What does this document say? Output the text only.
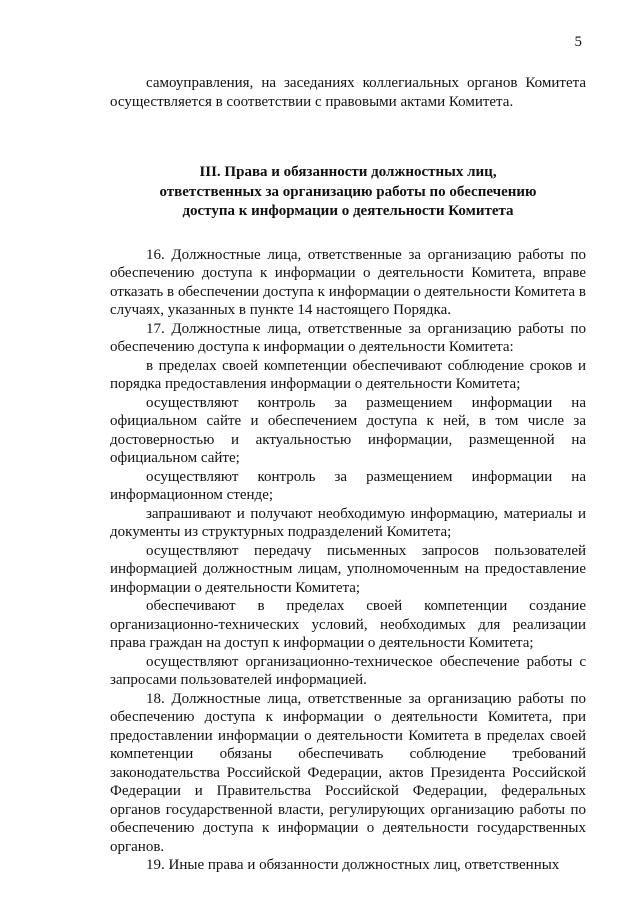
5

самоуправления, на заседаниях коллегиальных органов Комитета осуществляется в соответствии с правовыми актами Комитета.

III. Права и обязанности должностных лиц,
ответственных за организацию работы по обеспечению
доступа к информации о деятельности Комитета

16. Должностные лица, ответственные за организацию работы по обеспечению доступа к информации о деятельности Комитета, вправе отказать в обеспечении доступа к информации о деятельности Комитета в случаях, указанных в пункте 14 настоящего Порядка.

17. Должностные лица, ответственные за организацию работы по обеспечению доступа к информации о деятельности Комитета:

в пределах своей компетенции обеспечивают соблюдение сроков и порядка предоставления информации о деятельности Комитета;

осуществляют контроль за размещением информации на официальном сайте и обеспечением доступа к ней, в том числе за достоверностью и актуальностью информации, размещенной на официальном сайте;

осуществляют контроль за размещением информации на информационном стенде;

запрашивают и получают необходимую информацию, материалы и документы из структурных подразделений Комитета;

осуществляют передачу письменных запросов пользователей информацией должностным лицам, уполномоченным на предоставление информации о деятельности Комитета;

обеспечивают в пределах своей компетенции создание организационно-технических условий, необходимых для реализации права граждан на доступ к информации о деятельности Комитета;

осуществляют организационно-техническое обеспечение работы с запросами пользователей информацией.

18. Должностные лица, ответственные за организацию работы по обеспечению доступа к информации о деятельности Комитета, при предоставлении информации о деятельности Комитета в пределах своей компетенции обязаны обеспечивать соблюдение требований законодательства Российской Федерации, актов Президента Российской Федерации и Правительства Российской Федерации, федеральных органов государственной власти, регулирующих организацию работы по обеспечению доступа к информации о деятельности государственных органов.

19. Иные права и обязанности должностных лиц, ответственных
